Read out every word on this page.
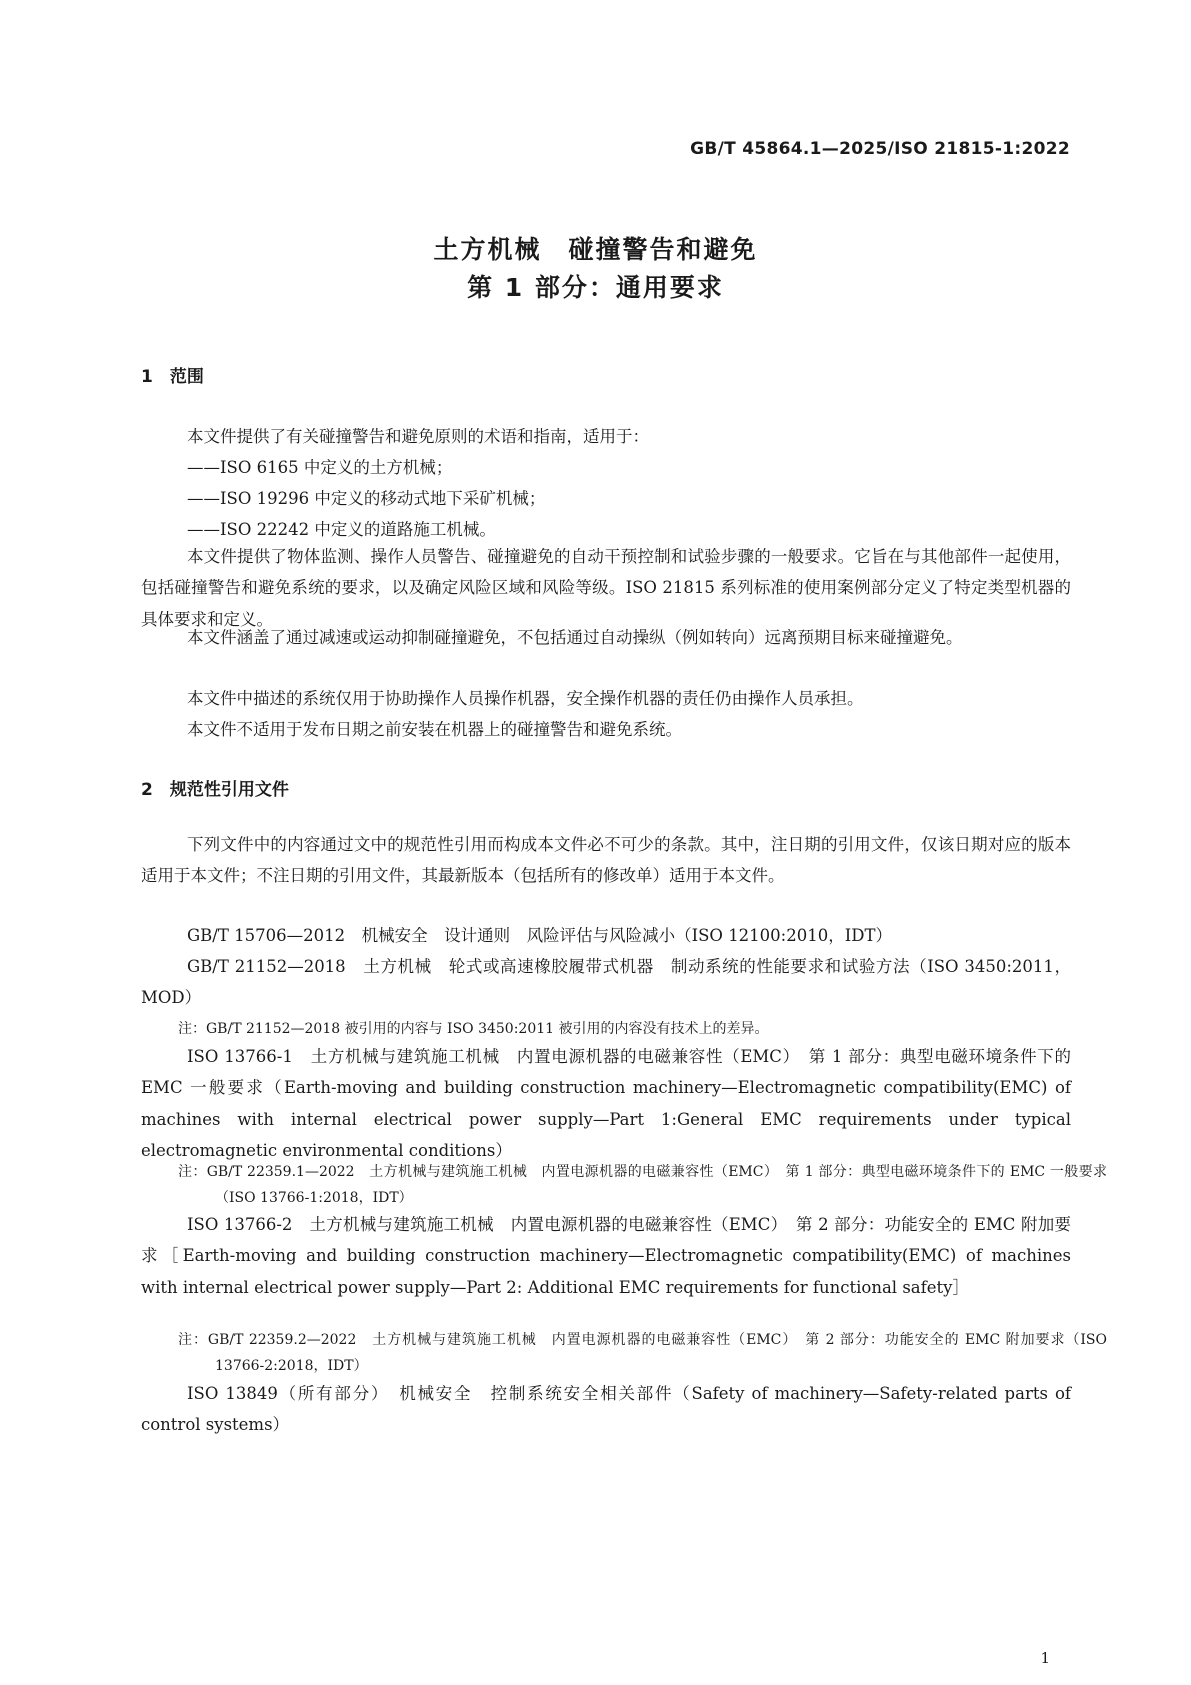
GB/T 45864.1—2025/ISO 21815-1:2022
土方机械　碰撞警告和避免
第 1 部分：通用要求
1　范围
本文件提供了有关碰撞警告和避免原则的术语和指南，适用于：
——ISO 6165 中定义的土方机械；
——ISO 19296 中定义的移动式地下采矿机械；
——ISO 22242 中定义的道路施工机械。
本文件提供了物体监测、操作人员警告、碰撞避免的自动干预控制和试验步骤的一般要求。它旨在与其他部件一起使用，包括碰撞警告和避免系统的要求，以及确定风险区域和风险等级。ISO 21815 系列标准的使用案例部分定义了特定类型机器的具体要求和定义。
本文件涵盖了通过减速或运动抑制碰撞避免，不包括通过自动操纵（例如转向）远离预期目标来碰撞避免。
本文件中描述的系统仅用于协助操作人员操作机器，安全操作机器的责任仍由操作人员承担。
本文件不适用于发布日期之前安装在机器上的碰撞警告和避免系统。
2　规范性引用文件
下列文件中的内容通过文中的规范性引用而构成本文件必不可少的条款。其中，注日期的引用文件，仅该日期对应的版本适用于本文件；不注日期的引用文件，其最新版本（包括所有的修改单）适用于本文件。
GB/T 15706—2012　机械安全　设计通则　风险评估与风险减小（ISO 12100:2010，IDT）
GB/T 21152—2018　土方机械　轮式或高速橡胶履带式机器　制动系统的性能要求和试验方法（ISO 3450:2011，MOD）
注：GB/T 21152—2018 被引用的内容与 ISO 3450:2011 被引用的内容没有技术上的差异。
ISO 13766-1　土方机械与建筑施工机械　内置电源机器的电磁兼容性（EMC）　第 1 部分：典型电磁环境条件下的 EMC 一般要求（Earth-moving and building construction machinery—Electromagnetic compatibility(EMC) of machines with internal electrical power supply—Part 1:General EMC requirements under typical electromagnetic environmental conditions）
注：GB/T 22359.1—2022　土方机械与建筑施工机械　内置电源机器的电磁兼容性（EMC）　第 1 部分：典型电磁环境条件下的 EMC 一般要求（ISO 13766-1:2018，IDT）
ISO 13766-2　土方机械与建筑施工机械　内置电源机器的电磁兼容性（EMC）　第 2 部分：功能安全的 EMC 附加要求［Earth-moving and building construction machinery—Electromagnetic compatibility(EMC) of machines with internal electrical power supply—Part 2: Additional EMC requirements for functional safety］
注：GB/T 22359.2—2022　土方机械与建筑施工机械　内置电源机器的电磁兼容性（EMC）　第 2 部分：功能安全的 EMC 附加要求（ISO 13766-2:2018，IDT）
ISO 13849（所有部分）　机械安全　控制系统安全相关部件（Safety of machinery—Safety-related parts of control systems）
1
